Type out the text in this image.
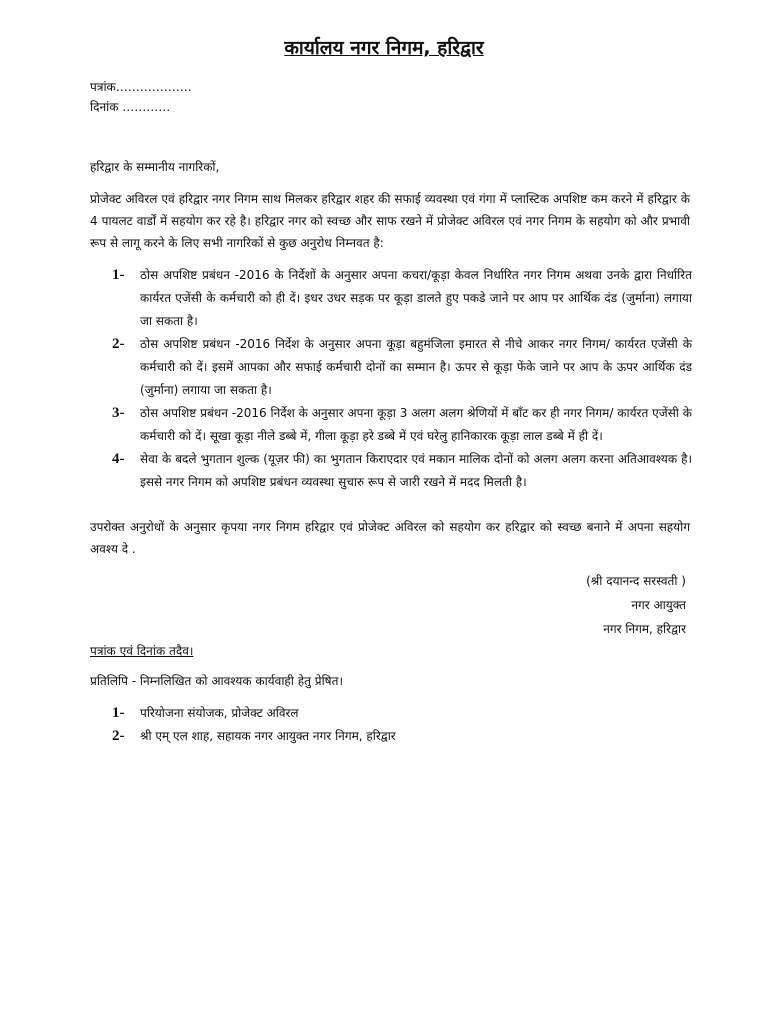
कार्यालय नगर निगम, हरिद्वार
पत्रांक……………….
दिनांक …………
हरिद्वार के सम्मानीय नागरिकों,
प्रोजेक्ट अविरल एवं हरिद्वार नगर निगम साथ मिलकर हरिद्वार शहर की सफाई व्यवस्था एवं गंगा में प्लास्टिक अपशिष्ट कम करने में हरिद्वार के 4 पायलट वार्डों में सहयोग कर रहे है। हरिद्वार नगर को स्वच्छ और साफ रखने में प्रोजेक्ट अविरल एवं नगर निगम के सहयोग को और प्रभावी रूप से लागू करने के लिए सभी नागरिकों से कुछ अनुरोध निम्नवत है:
1- ठोस अपशिष्ट प्रबंधन -2016 के निर्देशों के अनुसार अपना कचरा/कूड़ा केवल निर्धारित नगर निगम अथवा उनके द्वारा निर्धारित कार्यरत एजेंसी के कर्मचारी को ही दें। इधर उधर सड़क पर कूड़ा डालते हुए पकडे जाने पर आप पर आर्थिक दंड (जुर्माना) लगाया जा सकता है।
2- ठोस अपशिष्ट प्रबंधन -2016 निर्देश के अनुसार अपना कूड़ा बहुमंजिला इमारत से नीचे आकर नगर निगम/ कार्यरत एजेंसी के कर्मचारी को दें। इसमें आपका और सफाई कर्मचारी दोनों का सम्मान है। ऊपर से कूड़ा फेंके जाने पर आप के ऊपर आर्थिक दंड (जुर्माना) लगाया जा सकता है।
3- ठोस अपशिष्ट प्रबंधन -2016 निर्देश के अनुसार अपना कूड़ा 3 अलग अलग श्रेणियों में बाँट कर ही नगर निगम/ कार्यरत एजेंसी के कर्मचारी को दें। सूखा कूड़ा नीले डब्बे में, गीला कूड़ा हरे डब्बे में एवं घरेलु हानिकारक कूड़ा लाल डब्बे में ही दें।
4- सेवा के बदले भुगतान शुल्क (यूज़र फी) का भुगतान किराएदार एवं मकान मालिक दोनों को अलग अलग करना अतिआवश्यक है। इससे नगर निगम को अपशिष्ट प्रबंधन व्यवस्था सुचारु रूप से जारी रखने में मदद मिलती है।
उपरोक्त अनुरोधों के अनुसार कृपया नगर निगम हरिद्वार एवं प्रोजेक्ट अविरल को सहयोग कर हरिद्वार को स्वच्छ बनाने में अपना सहयोग अवश्य दे .
(श्री दयानन्द सरस्वती )
नगर आयुक्त
नगर निगम, हरिद्वार
पत्रांक एवं दिनांक तदैव।
प्रतिलिपि - निम्नलिखित को आवश्यक कार्यवाही हेतु प्रेषित।
1- परियोजना संयोजक, प्रोजेक्ट अविरल
2- श्री एम् एल शाह, सहायक नगर आयुक्त नगर निगम, हरिद्वार
